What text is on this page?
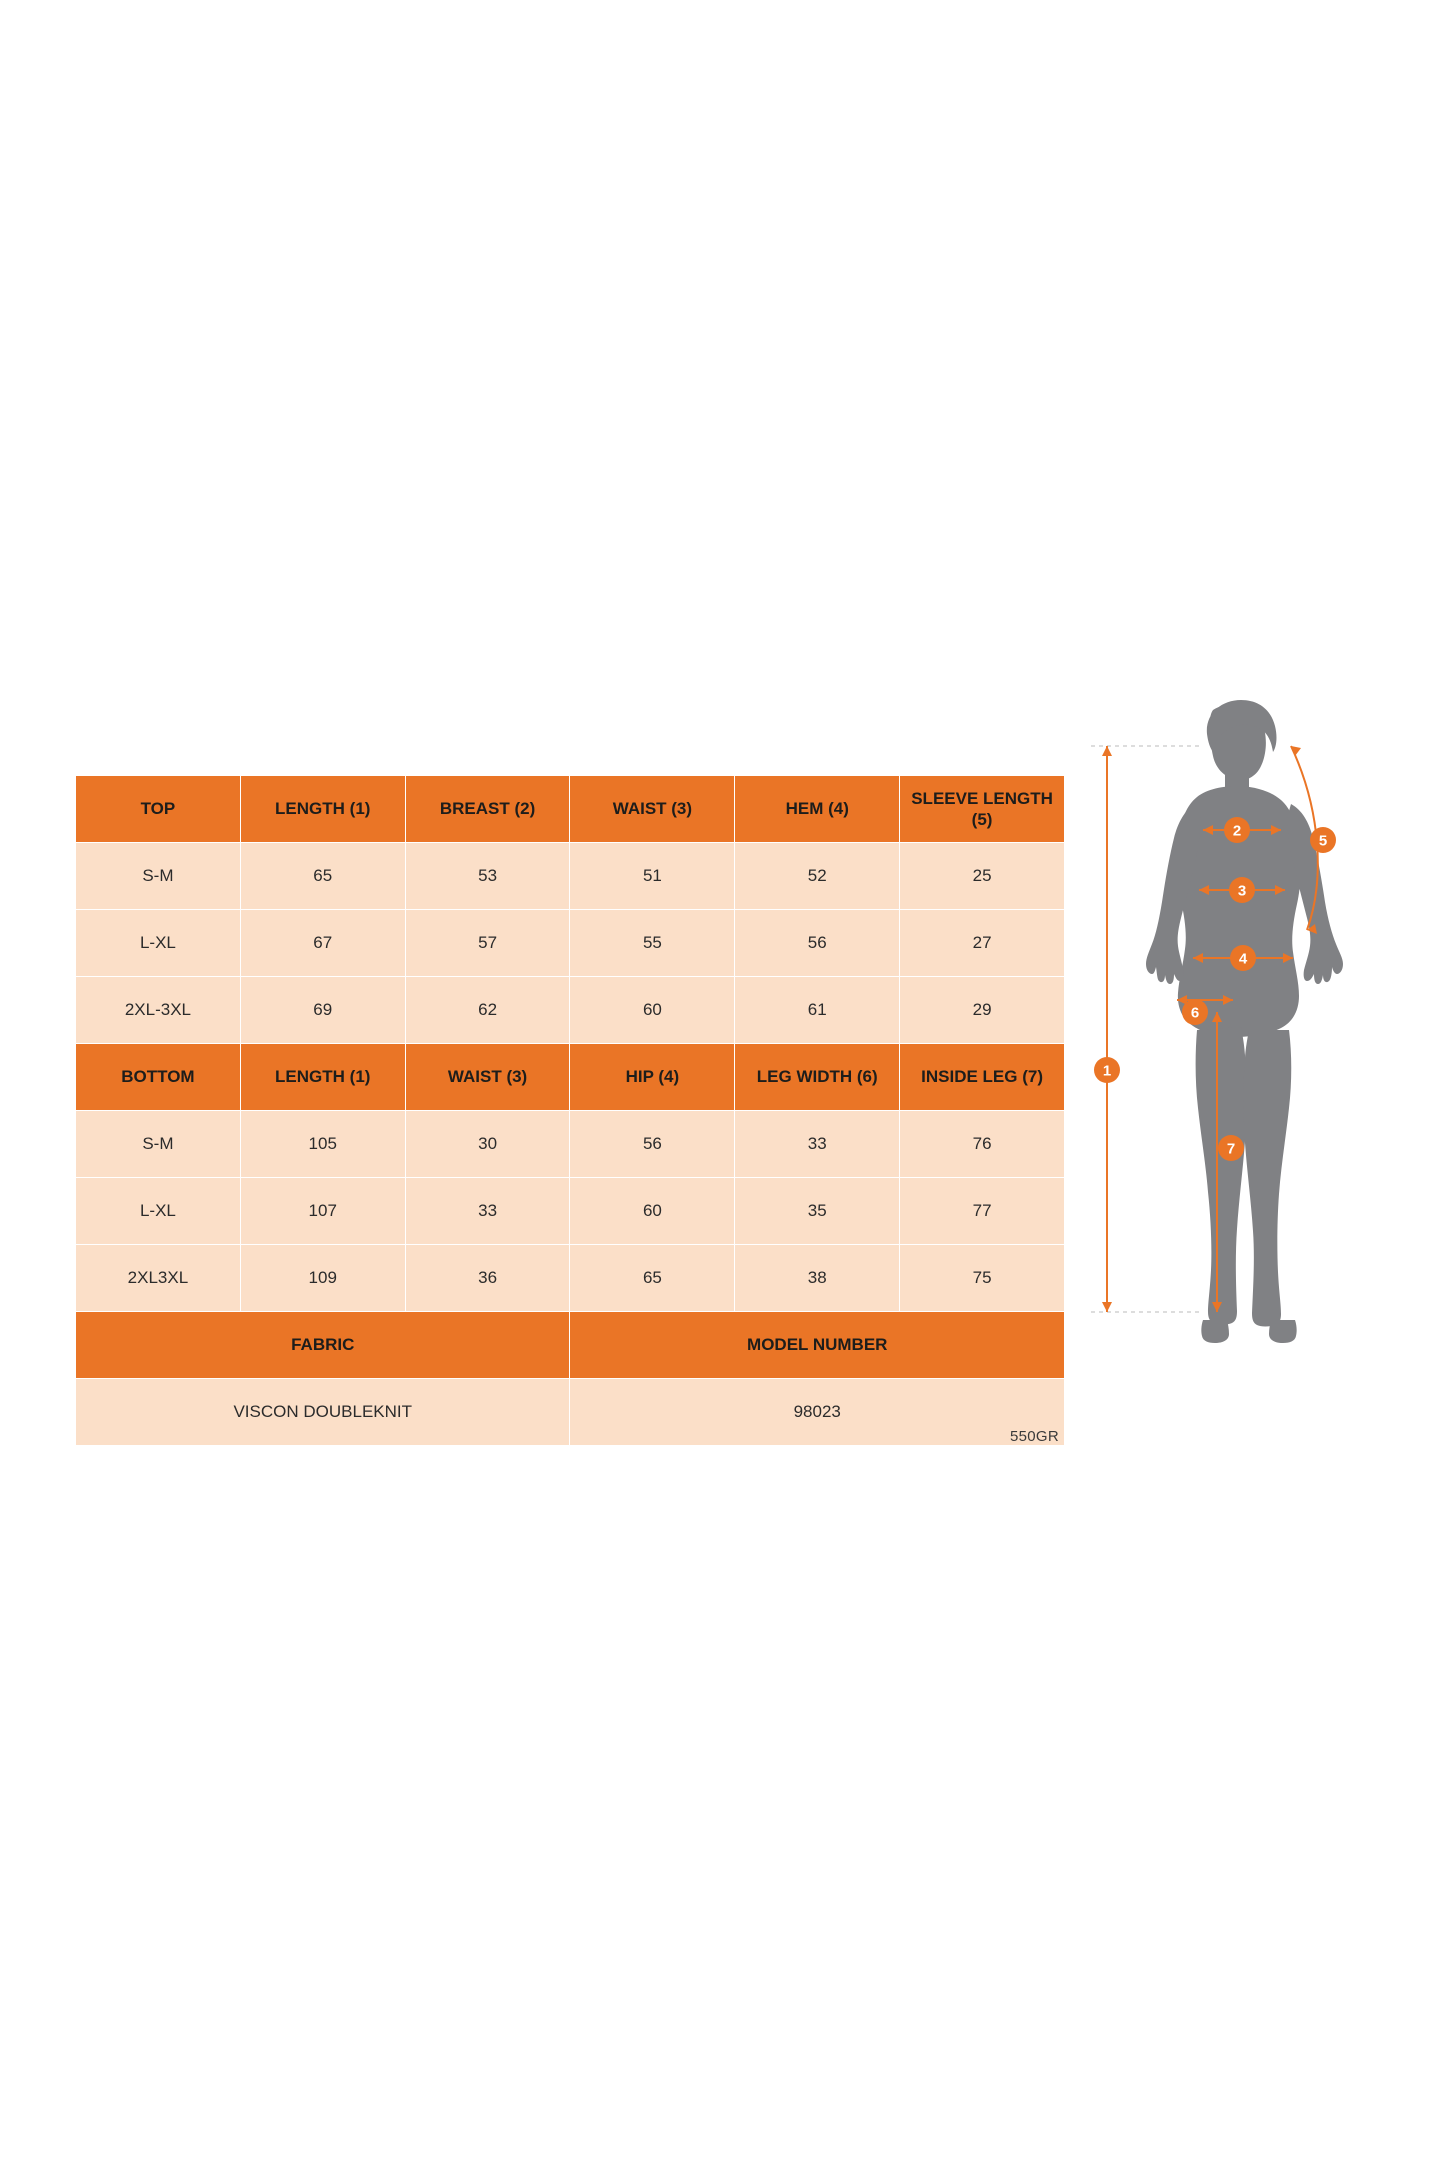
TOP	LENGTH (1)	BREAST (2)	WAIST (3)	HEM (4)	SLEEVE LENGTH (5)
S-M	65	53	51	52	25
L-XL	67	57	55	56	27
2XL-3XL	69	62	60	61	29
BOTTOM	LENGTH (1)	WAIST (3)	HIP (4)	LEG WIDTH (6)	INSIDE LEG (7)
S-M	105	30	56	33	76
L-XL	107	33	60	35	77
2XL3XL	109	36	65	38	75
FABRIC			MODEL NUMBER		
VISCON DOUBLEKNIT			98023		
550GR
1
2
3
4
5
6
7
